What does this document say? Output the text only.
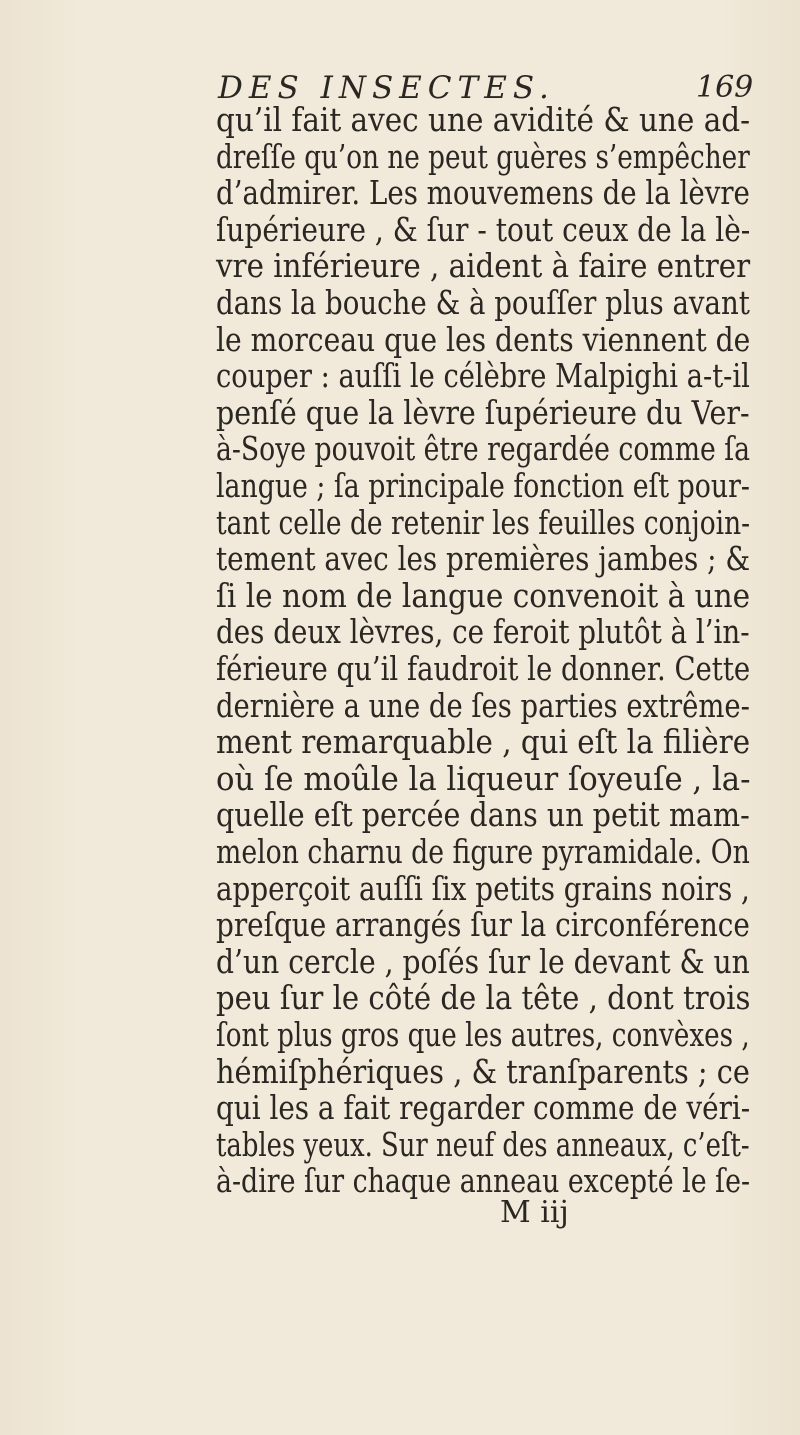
DES INSECTES.	169
qu’il fait avec une avidité & une ad-
dreſſe qu’on ne peut guères s’empêcher
d’admirer. Les mouvemens de la lèvre
ſupérieure , & ſur - tout ceux de la lè-
vre inférieure , aident à faire entrer
dans la bouche & à pouſſer plus avant
le morceau que les dents viennent de
couper : auſſi le célèbre Malpighi a-t-il
penſé que la lèvre ſupérieure du Ver-
à-Soye pouvoit être regardée comme ſa
langue ; ſa principale fonction eſt pour-
tant celle de retenir les feuilles conjoin-
tement avec les premières jambes ; &
ſi le nom de langue convenoit à une
des deux lèvres, ce feroit plutôt à l’in-
férieure qu’il faudroit le donner. Cette
dernière a une de ſes parties extrême-
ment remarquable , qui eſt la filière
où ſe moûle la liqueur ſoyeuſe , la-
quelle eſt percée dans un petit mam-
melon charnu de figure pyramidale. On
apperçoit auſſi ſix petits grains noirs ,
preſque arrangés ſur la circonférence
d’un cercle , poſés ſur le devant & un
peu ſur le côté de la tête , dont trois
ſont plus gros que les autres, convèxes ,
hémiſphériques , & tranſparents ; ce
qui les a fait regarder comme de véri-
tables yeux. Sur neuf des anneaux, c’eſt-
à-dire ſur chaque anneau excepté le ſe-
M iij
